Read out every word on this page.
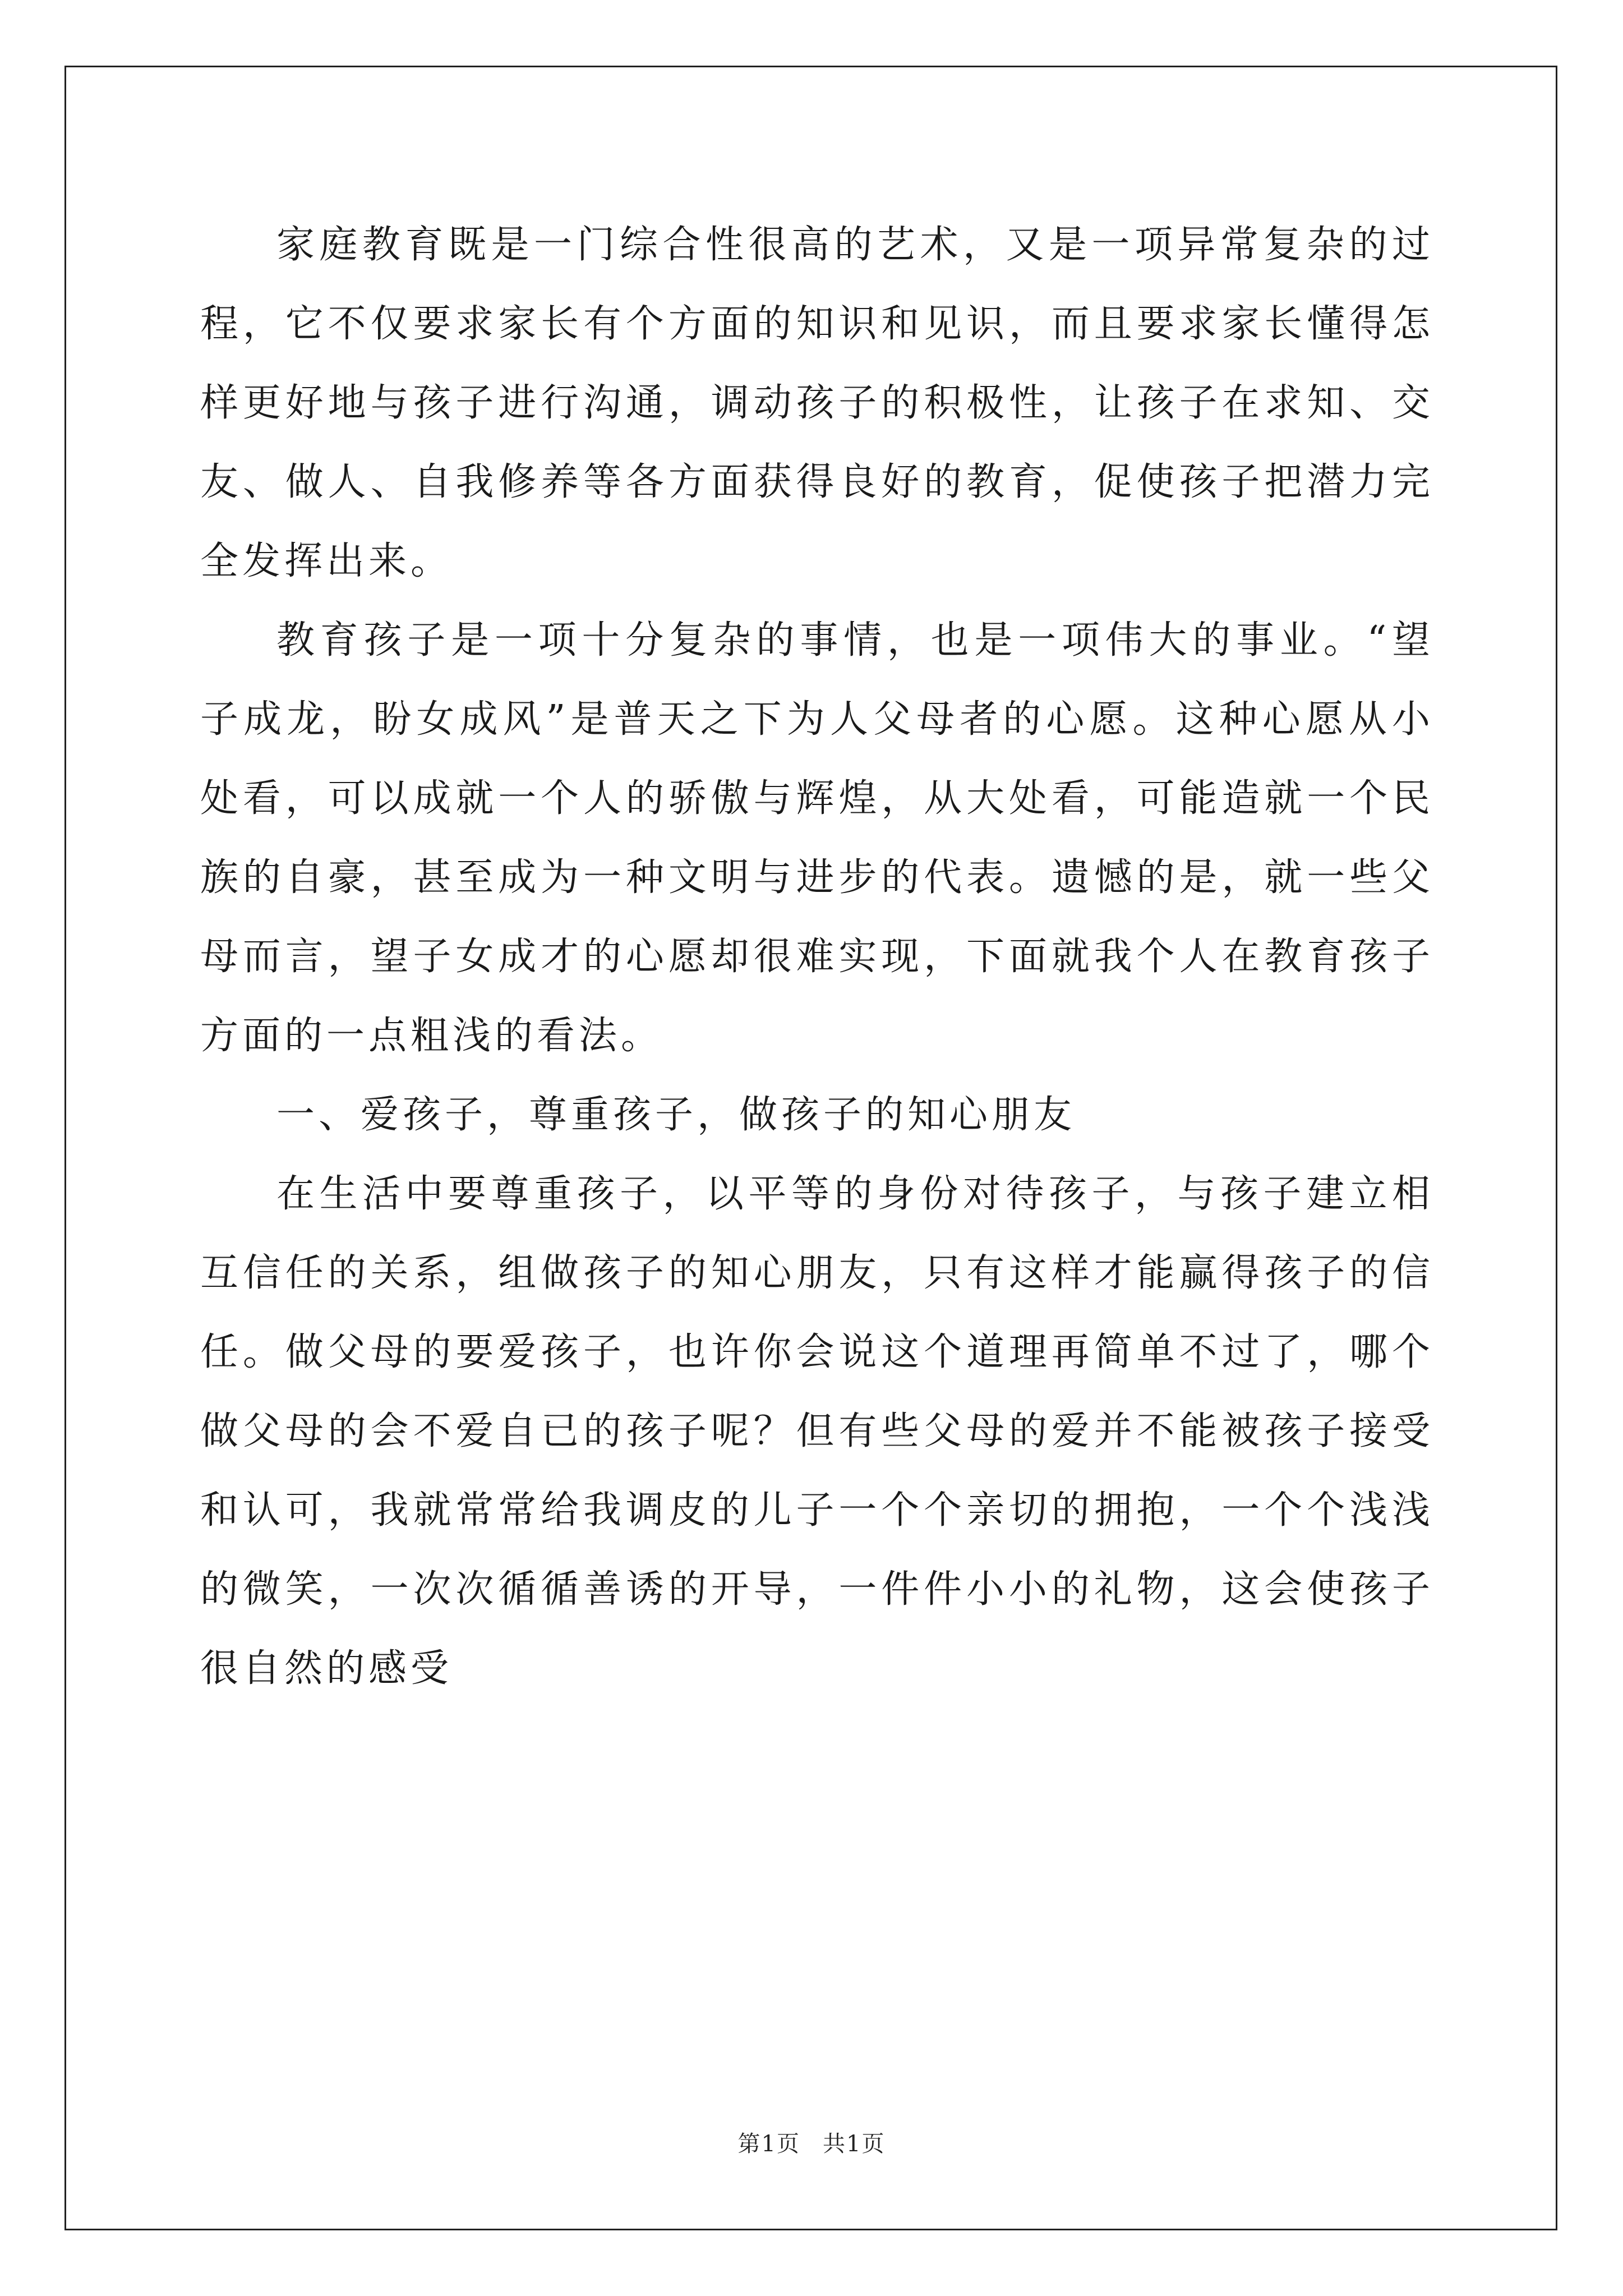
家庭教育既是一门综合性很高的艺术，又是一项异常复杂的过程，它不仅要求家长有个方面的知识和见识，而且要求家长懂得怎样更好地与孩子进行沟通，调动孩子的积极性，让孩子在求知、交友、做人、自我修养等各方面获得良好的教育，促使孩子把潜力完全发挥出来。

教育孩子是一项十分复杂的事情，也是一项伟大的事业。“望子成龙，盼女成风”是普天之下为人父母者的心愿。这种心愿从小处看，可以成就一个人的骄傲与辉煌，从大处看，可能造就一个民族的自豪，甚至成为一种文明与进步的代表。遗憾的是，就一些父母而言，望子女成才的心愿却很难实现，下面就我个人在教育孩子方面的一点粗浅的看法。

一、爱孩子，尊重孩子，做孩子的知心朋友

在生活中要尊重孩子，以平等的身份对待孩子，与孩子建立相互信任的关系，组做孩子的知心朋友，只有这样才能赢得孩子的信任。做父母的要爱孩子，也许你会说这个道理再简单不过了，哪个做父母的会不爱自已的孩子呢？但有些父母的爱并不能被孩子接受和认可，我就常常给我调皮的儿子一个个亲切的拥抱，一个个浅浅的微笑，一次次循循善诱的开导，一件件小小的礼物，这会使孩子很自然的感受

第1页 共1页
